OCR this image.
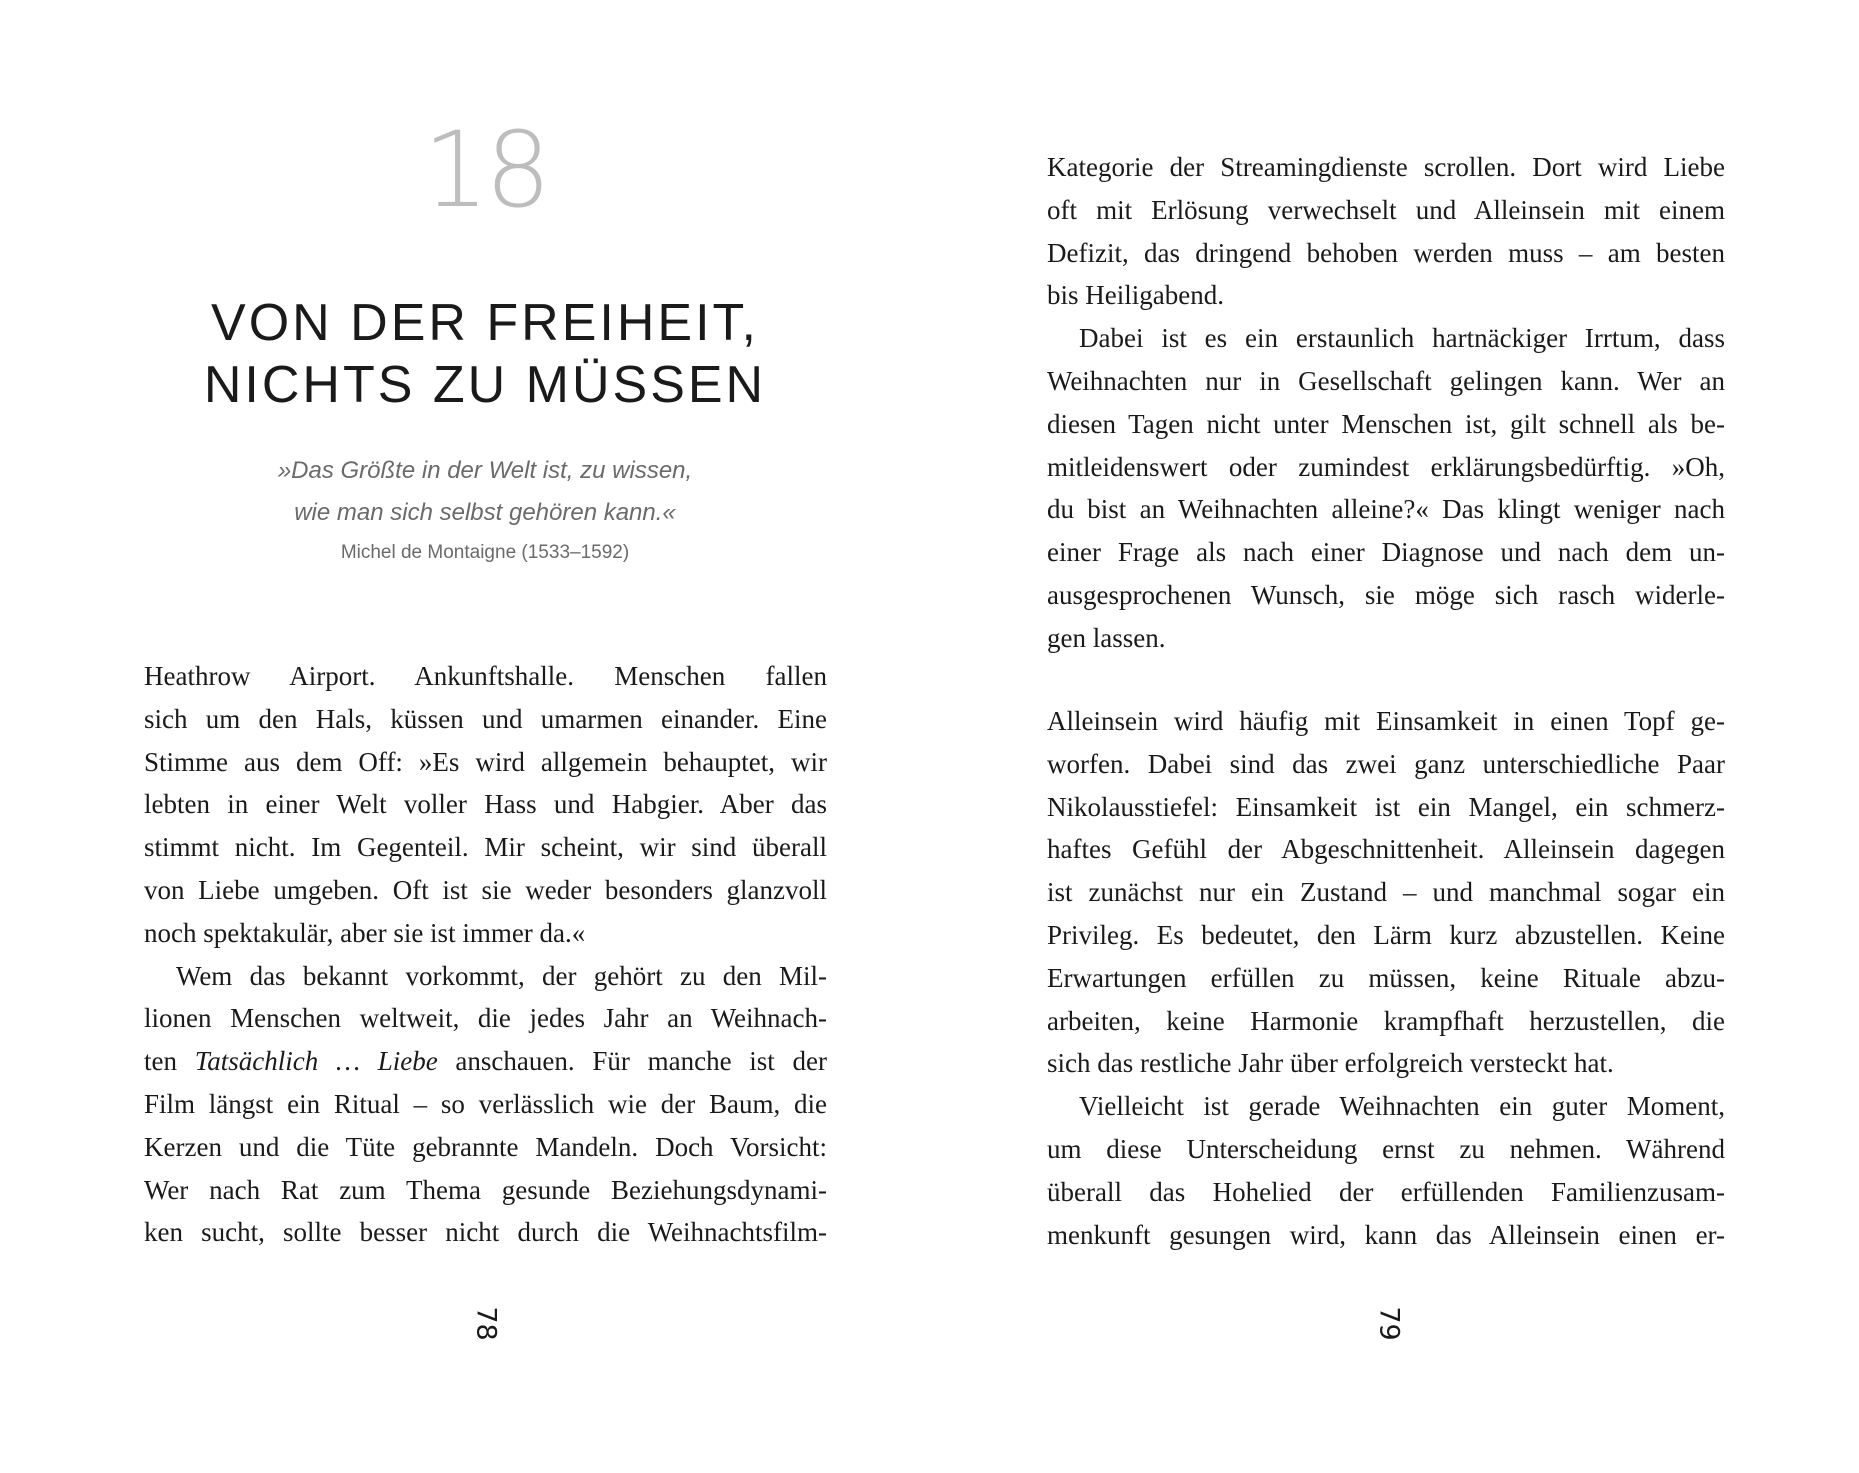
18
VON DER FREIHEIT,
NICHTS ZU MÜSSEN
»Das Größte in der Welt ist, zu wissen,
wie man sich selbst gehören kann.«
Michel de Montaigne (1533–1592)
Heathrow Airport. Ankunftshalle. Menschen fallen
sich um den Hals, küssen und umarmen einander. Eine
Stimme aus dem Off: »Es wird allgemein behauptet, wir
lebten in einer Welt voller Hass und Habgier. Aber das
stimmt nicht. Im Gegenteil. Mir scheint, wir sind überall
von Liebe umgeben. Oft ist sie weder besonders glanzvoll
noch spektakulär, aber sie ist immer da.«
Wem das bekannt vorkommt, der gehört zu den Mil-
lionen Menschen weltweit, die jedes Jahr an Weihnach-
ten Tatsächlich … Liebe anschauen. Für manche ist der
Film längst ein Ritual – so verlässlich wie der Baum, die
Kerzen und die Tüte gebrannte Mandeln. Doch Vorsicht:
Wer nach Rat zum Thema gesunde Beziehungsdynami-
ken sucht, sollte besser nicht durch die Weihnachtsfilm-
78
Kategorie der Streamingdienste scrollen. Dort wird Liebe
oft mit Erlösung verwechselt und Alleinsein mit einem
Defizit, das dringend behoben werden muss – am besten
bis Heiligabend.
Dabei ist es ein erstaunlich hartnäckiger Irrtum, dass
Weihnachten nur in Gesellschaft gelingen kann. Wer an
diesen Tagen nicht unter Menschen ist, gilt schnell als be-
mitleidenswert oder zumindest erklärungsbedürftig. »Oh,
du bist an Weihnachten alleine?« Das klingt weniger nach
einer Frage als nach einer Diagnose und nach dem un-
ausgesprochenen Wunsch, sie möge sich rasch widerle-
gen lassen.
Alleinsein wird häufig mit Einsamkeit in einen Topf ge-
worfen. Dabei sind das zwei ganz unterschiedliche Paar
Nikolausstiefel: Einsamkeit ist ein Mangel, ein schmerz-
haftes Gefühl der Abgeschnittenheit. Alleinsein dagegen
ist zunächst nur ein Zustand – und manchmal sogar ein
Privileg. Es bedeutet, den Lärm kurz abzustellen. Keine
Erwartungen erfüllen zu müssen, keine Rituale abzu-
arbeiten, keine Harmonie krampfhaft herzustellen, die
sich das restliche Jahr über erfolgreich versteckt hat.
Vielleicht ist gerade Weihnachten ein guter Moment,
um diese Unterscheidung ernst zu nehmen. Während
überall das Hohelied der erfüllenden Familienzusam-
menkunft gesungen wird, kann das Alleinsein einen er-
79
